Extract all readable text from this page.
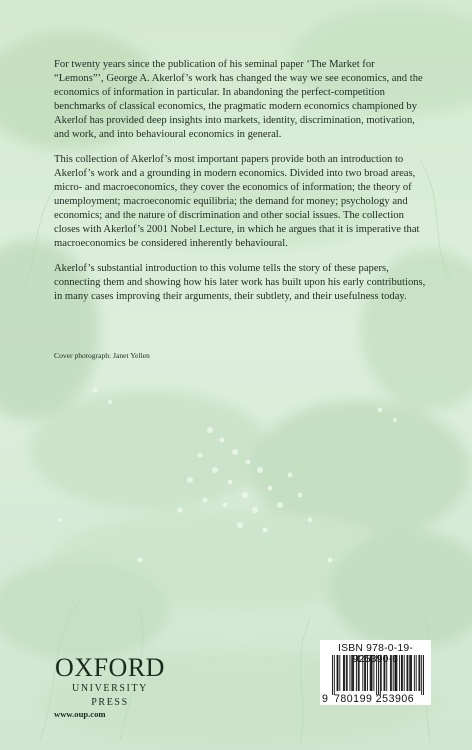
For twenty years since the publication of his seminal paper ‘The Market for “Lemons”’, George A. Akerlof’s work has changed the way we see economics, and the economics of information in particular. In abandoning the perfect-competition benchmarks of classical economics, the pragmatic modern economics championed by Akerlof has provided deep insights into markets, identity, discrimination, motivation, and work, and into behavioural economics in general.

This collection of Akerlof’s most important papers provide both an introduction to Akerlof’s work and a grounding in modern economics. Divided into two broad areas, micro- and macroeconomics, they cover the economics of information; the theory of unemployment; macroeconomic equilibria; the demand for money; psychology and economics; and the nature of discrimination and other social issues. The collection closes with Akerlof’s 2001 Nobel Lecture, in which he argues that it is imperative that macroeconomics be considered inherently behavioural.

Akerlof’s substantial introduction to this volume tells the story of these papers, connecting them and showing how his later work has built upon his early contributions, in many cases improving their arguments, their subtlety, and their usefulness today.

Cover photograph: Janet Yellen
OXFORD
UNIVERSITY PRESS
www.oup.com
ISBN 978-0-19-925390-6
9 780199 253906
